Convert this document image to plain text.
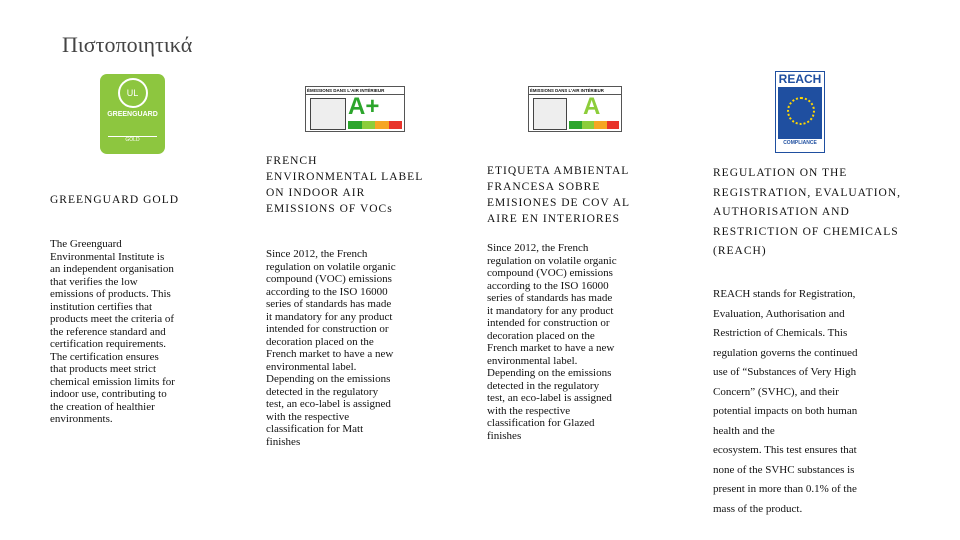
Πιστοποιητικά
UL
GREENGUARD
GOLD
GREENGUARD GOLD
The Greenguard
Environmental Institute is
an independent organisation
that verifies the low
emissions of products. This
institution certifies that
products meet the criteria of
the reference standard and
certification requirements.
The certification ensures
that products meet strict
chemical emission limits for
indoor use, contributing to
the creation of healthier
environments.
ÉMISSIONS DANS L'AIR INTÉRIEUR
A+
FRENCH
ENVIRONMENTAL LABEL
ON INDOOR AIR
EMISSIONS OF VOCs
Since 2012, the French
regulation on volatile organic
compound (VOC) emissions
according to the ISO 16000
series of standards has made
it mandatory for any product
intended for construction or
decoration placed on the
French market to have a new
environmental label.
Depending on the emissions
detected in the regulatory
test, an eco-label is assigned
with the respective
classification for Matt
finishes
ÉMISSIONS DANS L'AIR INTÉRIEUR
A
ETIQUETA AMBIENTAL
FRANCESA SOBRE
EMISIONES DE COV AL
AIRE EN INTERIORES
Since 2012, the French
regulation on volatile organic
compound (VOC) emissions
according to the ISO 16000
series of standards has made
it mandatory for any product
intended for construction or
decoration placed on the
French market to have a new
environmental label.
Depending on the emissions
detected in the regulatory
test, an eco-label is assigned
with the respective
classification for Glazed
finishes
REACH
COMPLIANCE
REGULATION ON THE
REGISTRATION, EVALUATION,
AUTHORISATION AND
RESTRICTION OF CHEMICALS
(REACH)
REACH stands for Registration,
Evaluation, Authorisation and
Restriction of Chemicals. This
regulation governs the continued
use of “Substances of Very High
Concern” (SVHC), and their
potential impacts on both human
health and the
ecosystem. This test ensures that
none of the SVHC substances is
present in more than 0.1% of the
mass of the product.
